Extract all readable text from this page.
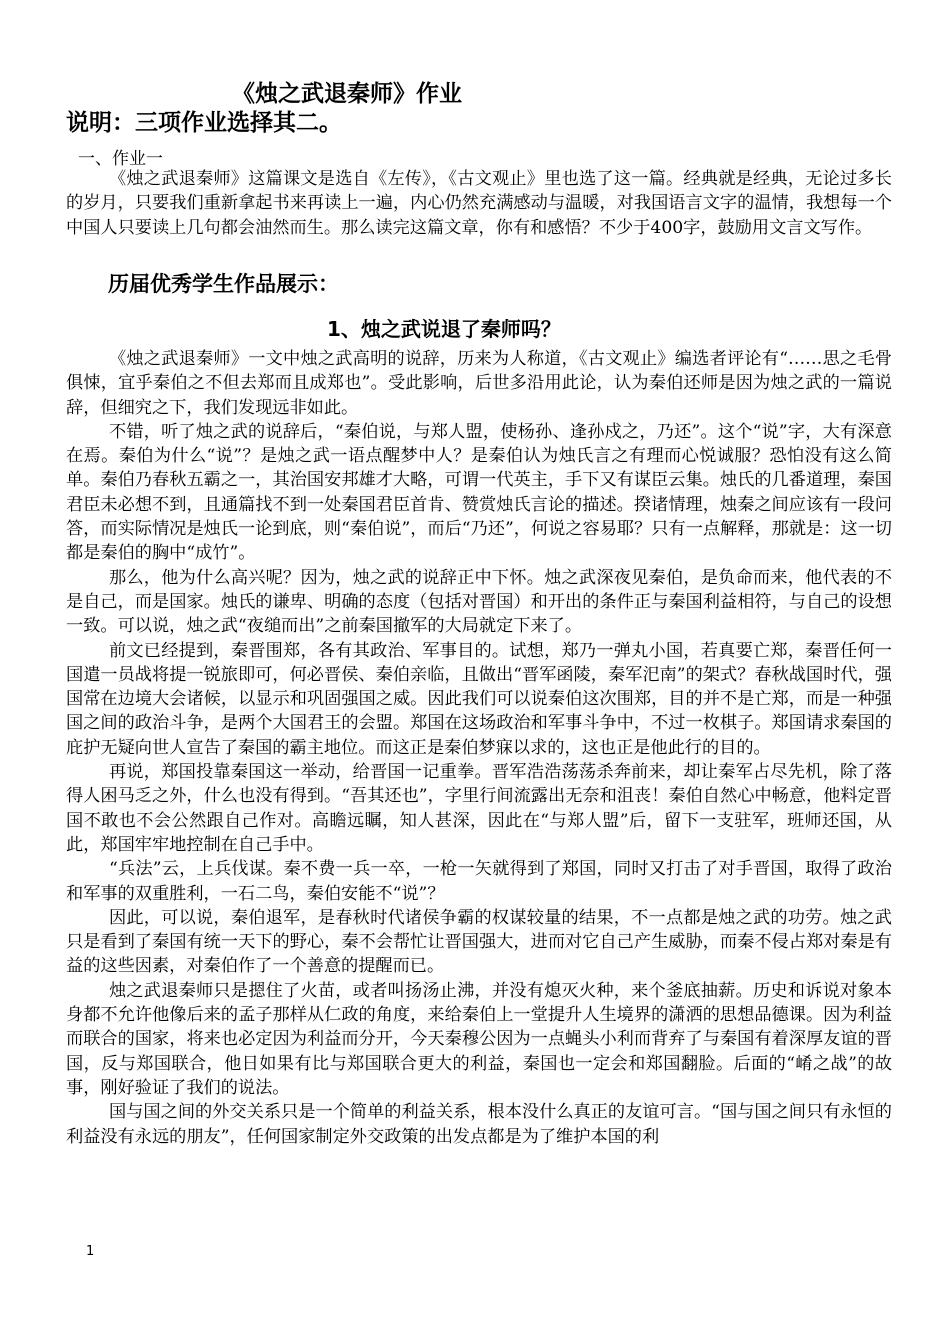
《烛之武退秦师》作业
说明：三项作业选择其二。
一、作业一

《烛之武退秦师》这篇课文是选自《左传》，《古文观止》里也选了这一篇。经典就是经典，无论过多长的岁月，只要我们重新拿起书来再读上一遍，内心仍然充满感动与温暖，对我国语言文字的温情，我想每一个中国人只要读上几句都会油然而生。那么读完这篇文章，你有和感悟？不少于400字，鼓励用文言文写作。

历届优秀学生作品展示：
1、烛之武说退了秦师吗？

《烛之武退秦师》一文中烛之武高明的说辞，历来为人称道，《古文观止》编选者评论有“……思之毛骨俱悚，宜乎秦伯之不但去郑而且成郑也”。受此影响，后世多沿用此论，认为秦伯还师是因为烛之武的一篇说辞，但细究之下，我们发现远非如此。

不错，听了烛之武的说辞后，“秦伯说，与郑人盟，使杨孙、逢孙戍之，乃还”。这个“说”字，大有深意在焉。秦伯为什么“说”？是烛之武一语点醒梦中人？是秦伯认为烛氏言之有理而心悦诚服？恐怕没有这么简单。秦伯乃春秋五霸之一，其治国安邦雄才大略，可谓一代英主，手下又有谋臣云集。烛氏的几番道理，秦国君臣未必想不到，且通篇找不到一处秦国君臣首肯、赞赏烛氏言论的描述。揆诸情理，烛秦之间应该有一段问答，而实际情况是烛氏一论到底，则“秦伯说”，而后“乃还”，何说之容易耶？只有一点解释，那就是：这一切都是秦伯的胸中“成竹”。

那么，他为什么高兴呢？因为，烛之武的说辞正中下怀。烛之武深夜见秦伯，是负命而来，他代表的不是自己，而是国家。烛氏的谦卑、明确的态度（包括对晋国）和开出的条件正与秦国利益相符，与自己的设想一致。可以说，烛之武“夜缒而出”之前秦国撤军的大局就定下来了。

前文已经提到，秦晋围郑，各有其政治、军事目的。试想，郑乃一弹丸小国，若真要亡郑，秦晋任何一国遣一员战将提一锐旅即可，何必晋侯、秦伯亲临，且做出“晋军函陵，秦军汜南”的架式？春秋战国时代，强国常在边境大会诸候，以显示和巩固强国之威。因此我们可以说秦伯这次围郑，目的并不是亡郑，而是一种强国之间的政治斗争，是两个大国君王的会盟。郑国在这场政治和军事斗争中，不过一枚棋子。郑国请求秦国的庇护无疑向世人宣告了秦国的霸主地位。而这正是秦伯梦寐以求的，这也正是他此行的目的。

再说，郑国投靠秦国这一举动，给晋国一记重拳。晋军浩浩荡荡杀奔前来，却让秦军占尽先机，除了落得人困马乏之外，什么也没有得到。“吾其还也”，字里行间流露出无奈和沮丧！秦伯自然心中畅意，他料定晋国不敢也不会公然跟自己作对。高瞻远瞩，知人甚深，因此在“与郑人盟”后，留下一支驻军，班师还国，从此，郑国牢牢地控制在自己手中。

“兵法”云，上兵伐谋。秦不费一兵一卒，一枪一矢就得到了郑国，同时又打击了对手晋国，取得了政治和军事的双重胜利，一石二鸟，秦伯安能不“说”？

因此，可以说，秦伯退军，是春秋时代诸侯争霸的权谋较量的结果，不一点都是烛之武的功劳。烛之武只是看到了秦国有统一天下的野心，秦不会帮忙让晋国强大，进而对它自己产生威胁，而秦不侵占郑对秦是有益的这些因素，对秦伯作了一个善意的提醒而已。

烛之武退秦师只是摁住了火苗，或者叫扬汤止沸，并没有熄灭火种，来个釜底抽薪。历史和诉说对象本身都不允许他像后来的孟子那样从仁政的角度，来给秦伯上一堂提升人生境界的潇洒的思想品德课。因为利益而联合的国家，将来也必定因为利益而分开，今天秦穆公因为一点蝇头小利而背弃了与秦国有着深厚友谊的晋国，反与郑国联合，他日如果有比与郑国联合更大的利益，秦国也一定会和郑国翻脸。后面的“崤之战”的故事，刚好验证了我们的说法。

国与国之间的外交关系只是一个简单的利益关系，根本没什么真正的友谊可言。“国与国之间只有永恒的利益没有永远的朋友”，任何国家制定外交政策的出发点都是为了维护本国的利

1
